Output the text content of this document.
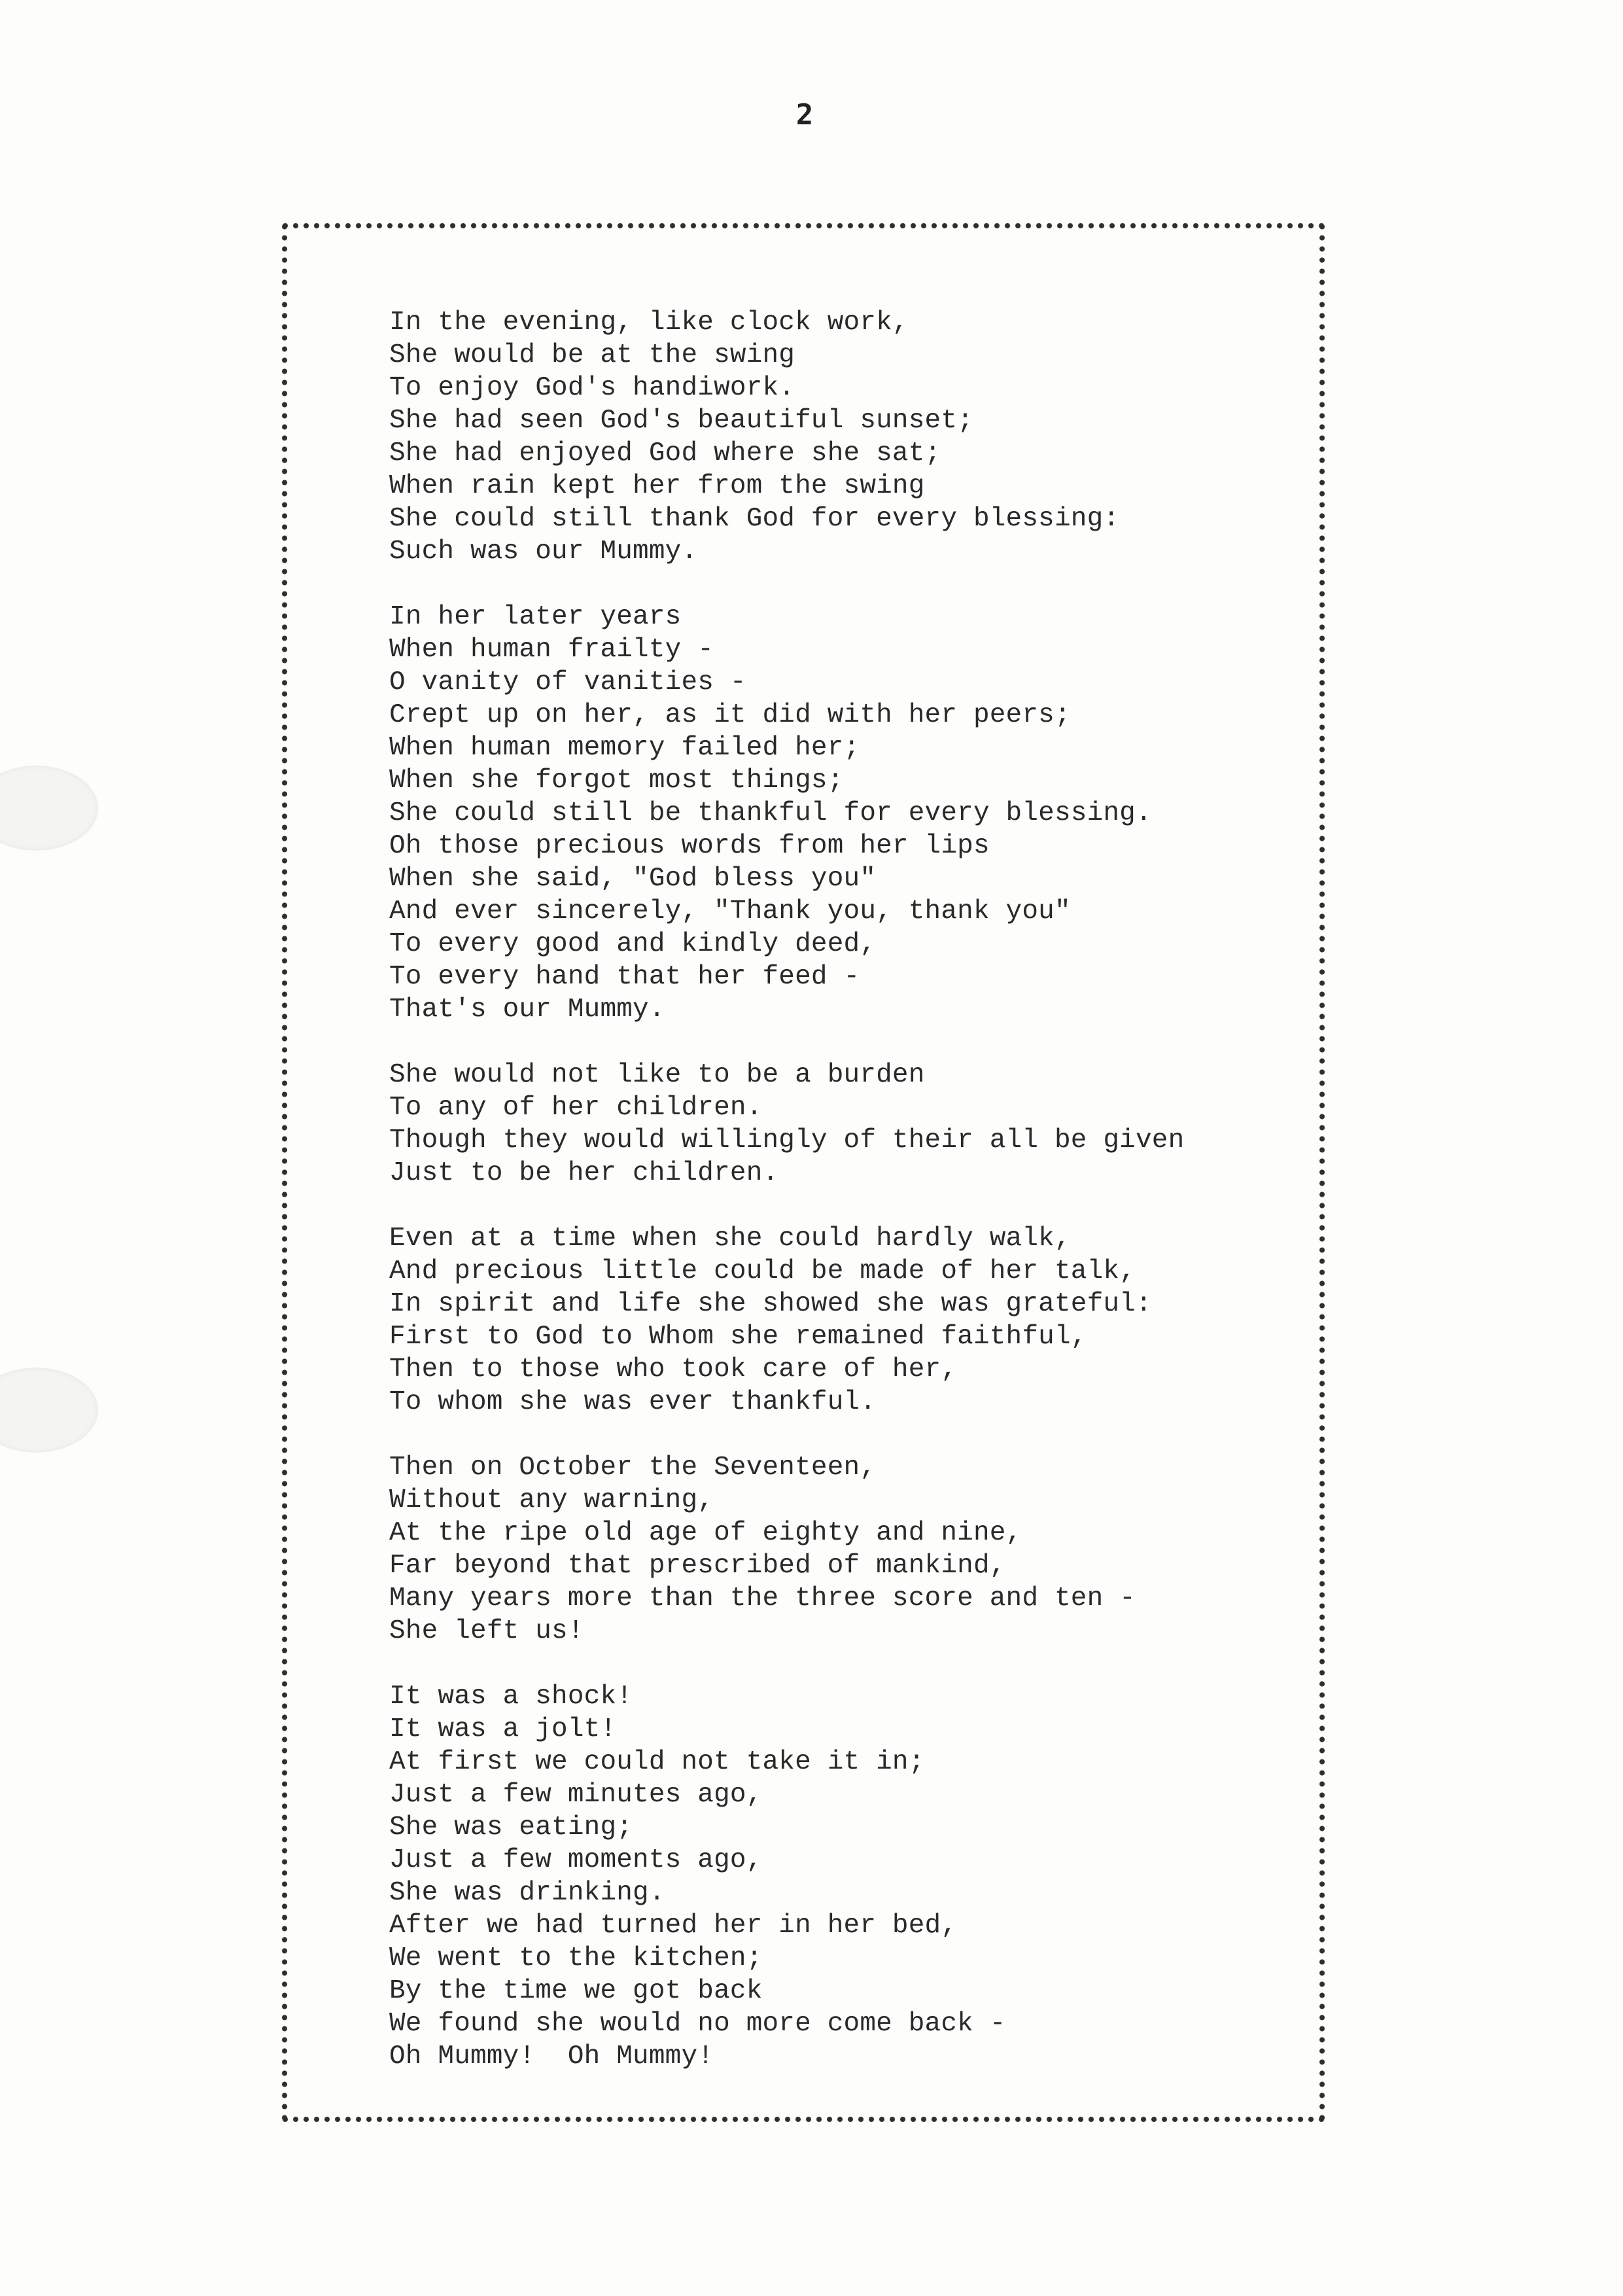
2
In the evening, like clock work,
She would be at the swing
To enjoy God's handiwork.
She had seen God's beautiful sunset;
She had enjoyed God where she sat;
When rain kept her from the swing
She could still thank God for every blessing:
Such was our Mummy.
In her later years
When human frailty -
O vanity of vanities -
Crept up on her, as it did with her peers;
When human memory failed her;
When she forgot most things;
She could still be thankful for every blessing.
Oh those precious words from her lips
When she said, "God bless you"
And ever sincerely, "Thank you, thank you"
To every good and kindly deed,
To every hand that her feed -
That's our Mummy.
She would not like to be a burden
To any of her children.
Though they would willingly of their all be given
Just to be her children.
Even at a time when she could hardly walk,
And precious little could be made of her talk,
In spirit and life she showed she was grateful:
First to God to Whom she remained faithful,
Then to those who took care of her,
To whom she was ever thankful.
Then on October the Seventeen,
Without any warning,
At the ripe old age of eighty and nine,
Far beyond that prescribed of mankind,
Many years more than the three score and ten -
She left us!
It was a shock!
It was a jolt!
At first we could not take it in;
Just a few minutes ago,
She was eating;
Just a few moments ago,
She was drinking.
After we had turned her in her bed,
We went to the kitchen;
By the time we got back
We found she would no more come back -
Oh Mummy!  Oh Mummy!
